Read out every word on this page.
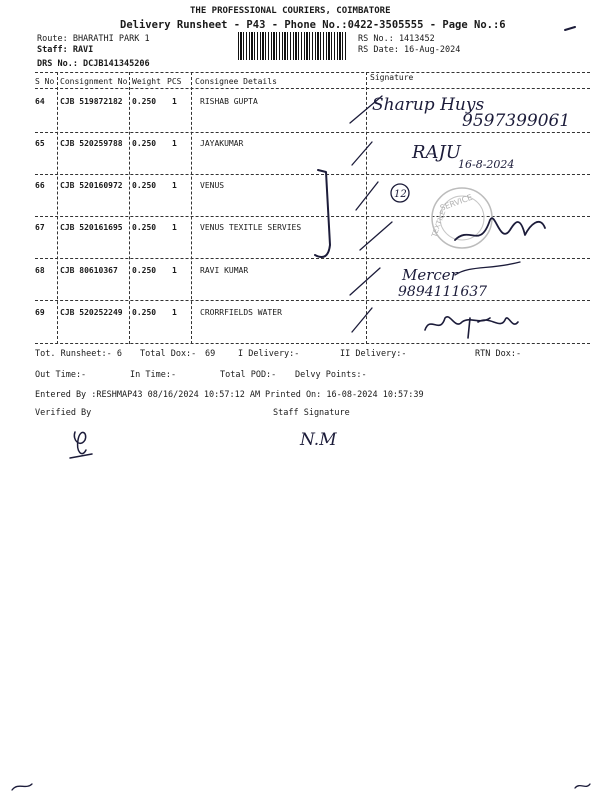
THE PROFESSIONAL COURIERS, COIMBATORE
Delivery Runsheet - P43 - Phone No.:0422-3505555 - Page No.:6
Route: BHARATHI PARK 1
Staff: RAVI
RS No.: 1413452
RS Date: 16-Aug-2024
DRS No.: DCJB141345206
S No Consignment No Weight PCS Consignee Details	Signature
64 CJB 519872182 0.250 1	RISHAB GUPTA
65 CJB 520259788 0.250 1	JAYAKUMAR
66 CJB 520160972 0.250 1	VENUS
67 CJB 520161695 0.250 1	VENUS TEXITLE SERVIES
68 CJB 80610367 0.250 1	RAVI KUMAR
69 CJB 520252249 0.250 1	CRORRFIELDS WATER
Tot. Runsheet:- 6 Total Dox:- 69	I Delivery:-	II Delivery:-	RTN Dox:-
Out Time:-	In Time:-	Total POD:- Delvy Points:-
Entered By :RESHMAP43 08/16/2024 10:57:12 AM Printed On: 16-08-2024 10:57:39
Verified By	Staff Signature
Sharup Huys
9597399061
RAJU
16-8-2024
12	SERVICE
TEXTILE
Mercer
9894111637
N.M
